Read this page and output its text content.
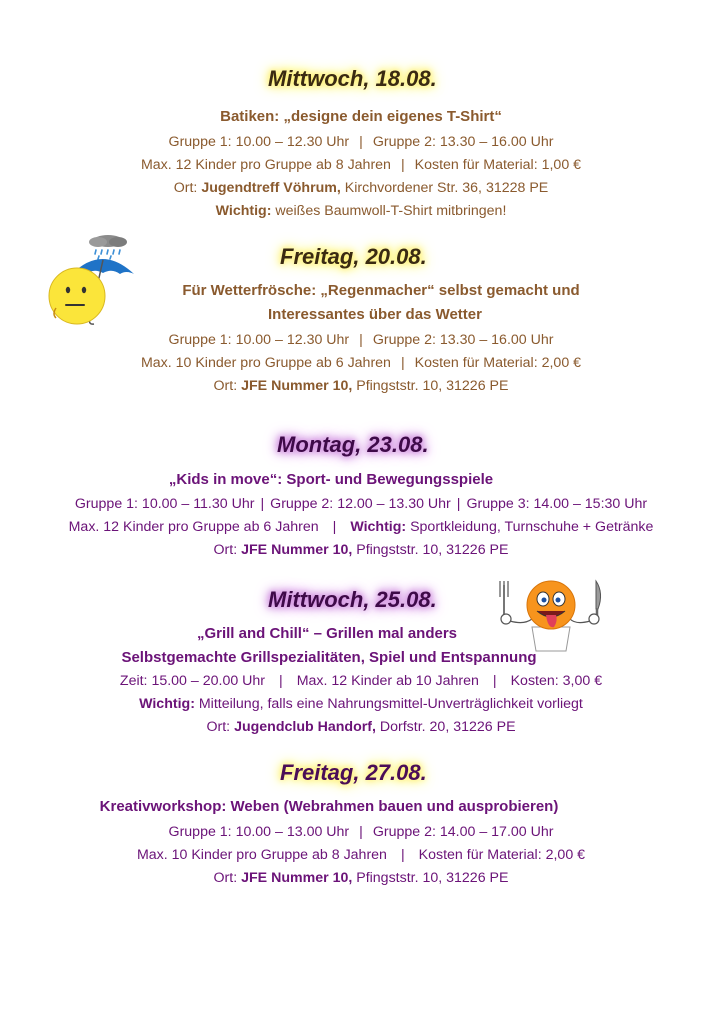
Mittwoch, 18.08.
Batiken: „designe dein eigenes T-Shirt“
Gruppe 1: 10.00 – 12.30 Uhr | Gruppe 2: 13.30 – 16.00 Uhr
Max. 12 Kinder pro Gruppe ab 8 Jahren | Kosten für Material: 1,00 €
Ort: Jugendtreff Vöhrum, Kirchvordener Str. 36, 31228 PE
Wichtig: weißes Baumwoll-T-Shirt mitbringen!
Freitag, 20.08.
Für Wetterfrösche: „Regenmacher“ selbst gemacht und
Interessantes über das Wetter
Gruppe 1: 10.00 – 12.30 Uhr | Gruppe 2: 13.30 – 16.00 Uhr
Max. 10 Kinder pro Gruppe ab 6 Jahren | Kosten für Material: 2,00 €
Ort: JFE Nummer 10, Pfingststr. 10, 31226 PE
Montag, 23.08.
„Kids in move“: Sport- und Bewegungsspiele
Gruppe 1: 10.00 – 11.30 Uhr | Gruppe 2: 12.00 – 13.30 Uhr | Gruppe 3: 14.00 – 15:30 Uhr
Max. 12 Kinder pro Gruppe ab 6 Jahren | Wichtig: Sportkleidung, Turnschuhe + Getränke
Ort: JFE Nummer 10, Pfingststr. 10, 31226 PE
Mittwoch, 25.08.
„Grill and Chill“ – Grillen mal anders
Selbstgemachte Grillspezialitäten, Spiel und Entspannung
Zeit: 15.00 – 20.00 Uhr | Max. 12 Kinder ab 10 Jahren | Kosten: 3,00 €
Wichtig: Mitteilung, falls eine Nahrungsmittel-Unverträglichkeit vorliegt
Ort: Jugendclub Handorf, Dorfstr. 20, 31226 PE
Freitag, 27.08.
Kreativworkshop: Weben (Webrahmen bauen und ausprobieren)
Gruppe 1: 10.00 – 13.00 Uhr | Gruppe 2: 14.00 – 17.00 Uhr
Max. 10 Kinder pro Gruppe ab 8 Jahren | Kosten für Material: 2,00 €
Ort: JFE Nummer 10, Pfingststr. 10, 31226 PE
